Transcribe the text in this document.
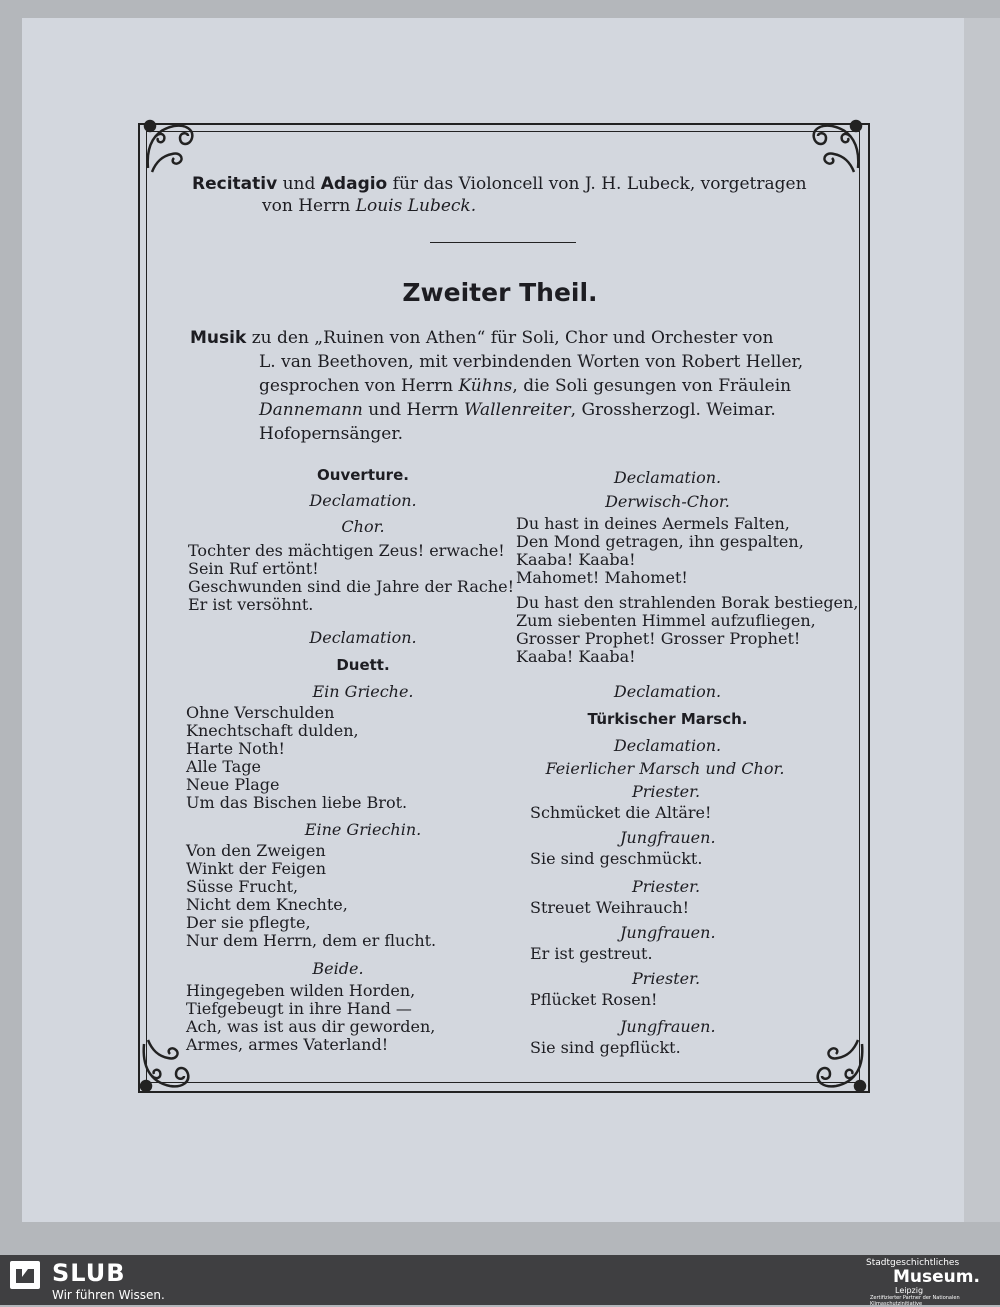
Recitativ und Adagio für das Violoncell von J. H. Lubeck, vorgetragen
von Herrn Louis Lubeck.
Zweiter Theil.
Musik zu den „Ruinen von Athen“ für Soli, Chor und Orchester von
L. van Beethoven, mit verbindenden Worten von Robert Heller,
gesprochen von Herrn Kühns, die Soli gesungen von Fräulein
Dannemann und Herrn Wallenreiter, Grossherzogl. Weimar.
Hofopernsänger.
Ouverture.
Declamation.
Chor.
Tochter des mächtigen Zeus! erwache!
Sein Ruf ertönt!
Geschwunden sind die Jahre der Rache!
Er ist versöhnt.
Declamation.
Duett.
Ein Grieche.
Ohne Verschulden
Knechtschaft dulden,
Harte Noth!
Alle Tage
Neue Plage
Um das Bischen liebe Brot.
Eine Griechin.
Von den Zweigen
Winkt der Feigen
Süsse Frucht,
Nicht dem Knechte,
Der sie pflegte,
Nur dem Herrn, dem er flucht.
Beide.
Hingegeben wilden Horden,
Tiefgebeugt in ihre Hand —
Ach, was ist aus dir geworden,
Armes, armes Vaterland!
Declamation.
Derwisch-Chor.
Du hast in deines Aermels Falten,
Den Mond getragen, ihn gespalten,
Kaaba! Kaaba!
Mahomet! Mahomet!
Du hast den strahlenden Borak bestiegen,
Zum siebenten Himmel aufzufliegen,
Grosser Prophet! Grosser Prophet!
Kaaba! Kaaba!
Declamation.
Türkischer Marsch.
Declamation.
Feierlicher Marsch und Chor.
Priester.
Schmücket die Altäre!
Jungfrauen.
Sie sind geschmückt.
Priester.
Streuet Weihrauch!
Jungfrauen.
Er ist gestreut.
Priester.
Pflücket Rosen!
Jungfrauen.
Sie sind gepflückt.
SLUB
Wir führen Wissen.
Stadtgeschichtliches
Museum.
Leipzig
Zertifizierter Partner der Nationalen Klimaschutzinitiative
